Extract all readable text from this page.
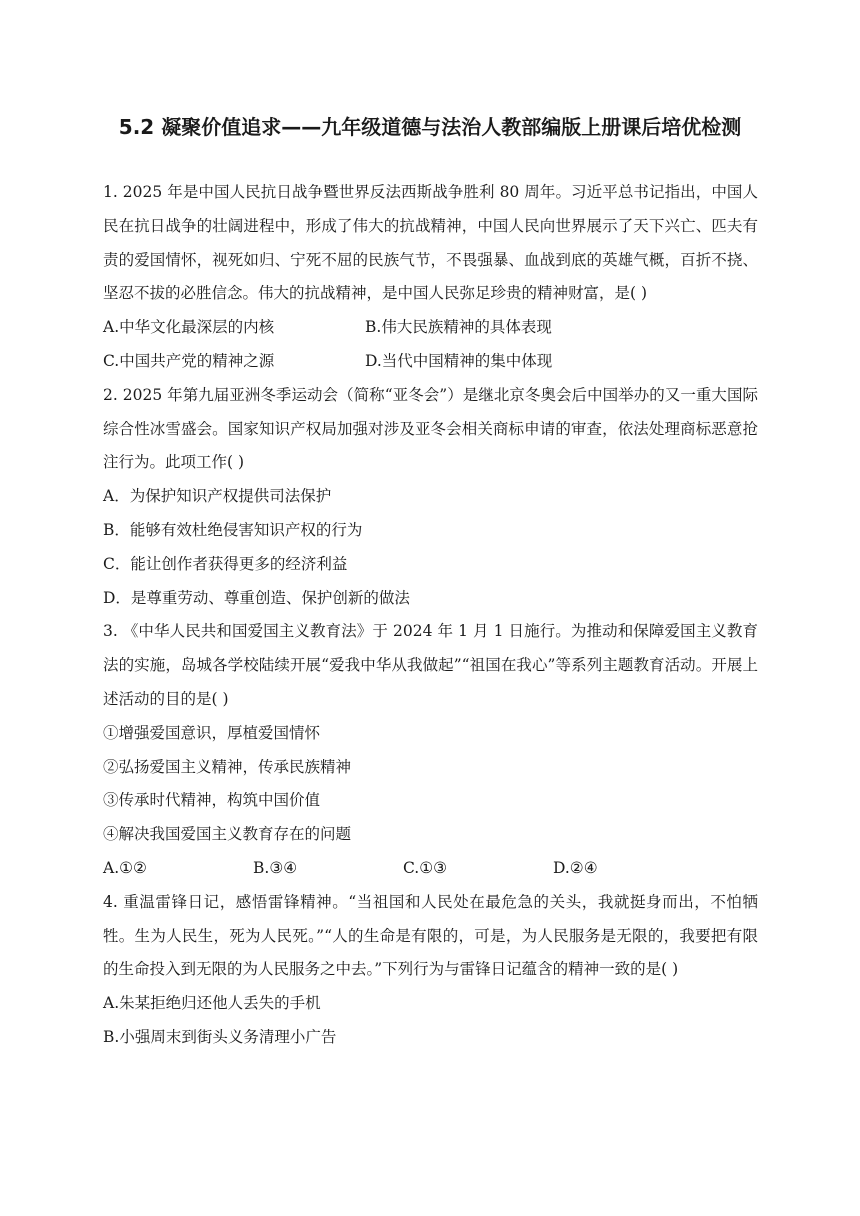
5.2 凝聚价值追求——九年级道德与法治人教部编版上册课后培优检测

1. 2025 年是中国人民抗日战争暨世界反法西斯战争胜利 80 周年。习近平总书记指出，中国人民在抗日战争的壮阔进程中，形成了伟大的抗战精神，中国人民向世界展示了天下兴亡、匹夫有责的爱国情怀，视死如归、宁死不屈的民族气节，不畏强暴、血战到底的英雄气概，百折不挠、坚忍不拔的必胜信念。伟大的抗战精神，是中国人民弥足珍贵的精神财富，是( )

A.中华文化最深层的内核	B.伟大民族精神的具体表现
C.中国共产党的精神之源	D.当代中国精神的集中体现

2. 2025 年第九届亚洲冬季运动会（简称“亚冬会”）是继北京冬奥会后中国举办的又一重大国际综合性冰雪盛会。国家知识产权局加强对涉及亚冬会相关商标申请的审查，依法处理商标恶意抢注行为。此项工作( )

A．为保护知识产权提供司法保护

B．能够有效杜绝侵害知识产权的行为

C．能让创作者获得更多的经济利益

D．是尊重劳动、尊重创造、保护创新的做法

3. 《中华人民共和国爱国主义教育法》于 2024 年 1 月 1 日施行。为推动和保障爱国主义教育法的实施，岛城各学校陆续开展“爱我中华从我做起”“祖国在我心”等系列主题教育活动。开展上述活动的目的是( )

①增强爱国意识，厚植爱国情怀

②弘扬爱国主义精神，传承民族精神

③传承时代精神，构筑中国价值

④解决我国爱国主义教育存在的问题

A.①②	B.③④	C.①③	D.②④

4. 重温雷锋日记，感悟雷锋精神。“当祖国和人民处在最危急的关头，我就挺身而出，不怕牺牲。生为人民生，死为人民死。”“人的生命是有限的，可是，为人民服务是无限的，我要把有限的生命投入到无限的为人民服务之中去。”下列行为与雷锋日记蕴含的精神一致的是( )

A.朱某拒绝归还他人丢失的手机

B.小强周末到街头义务清理小广告
